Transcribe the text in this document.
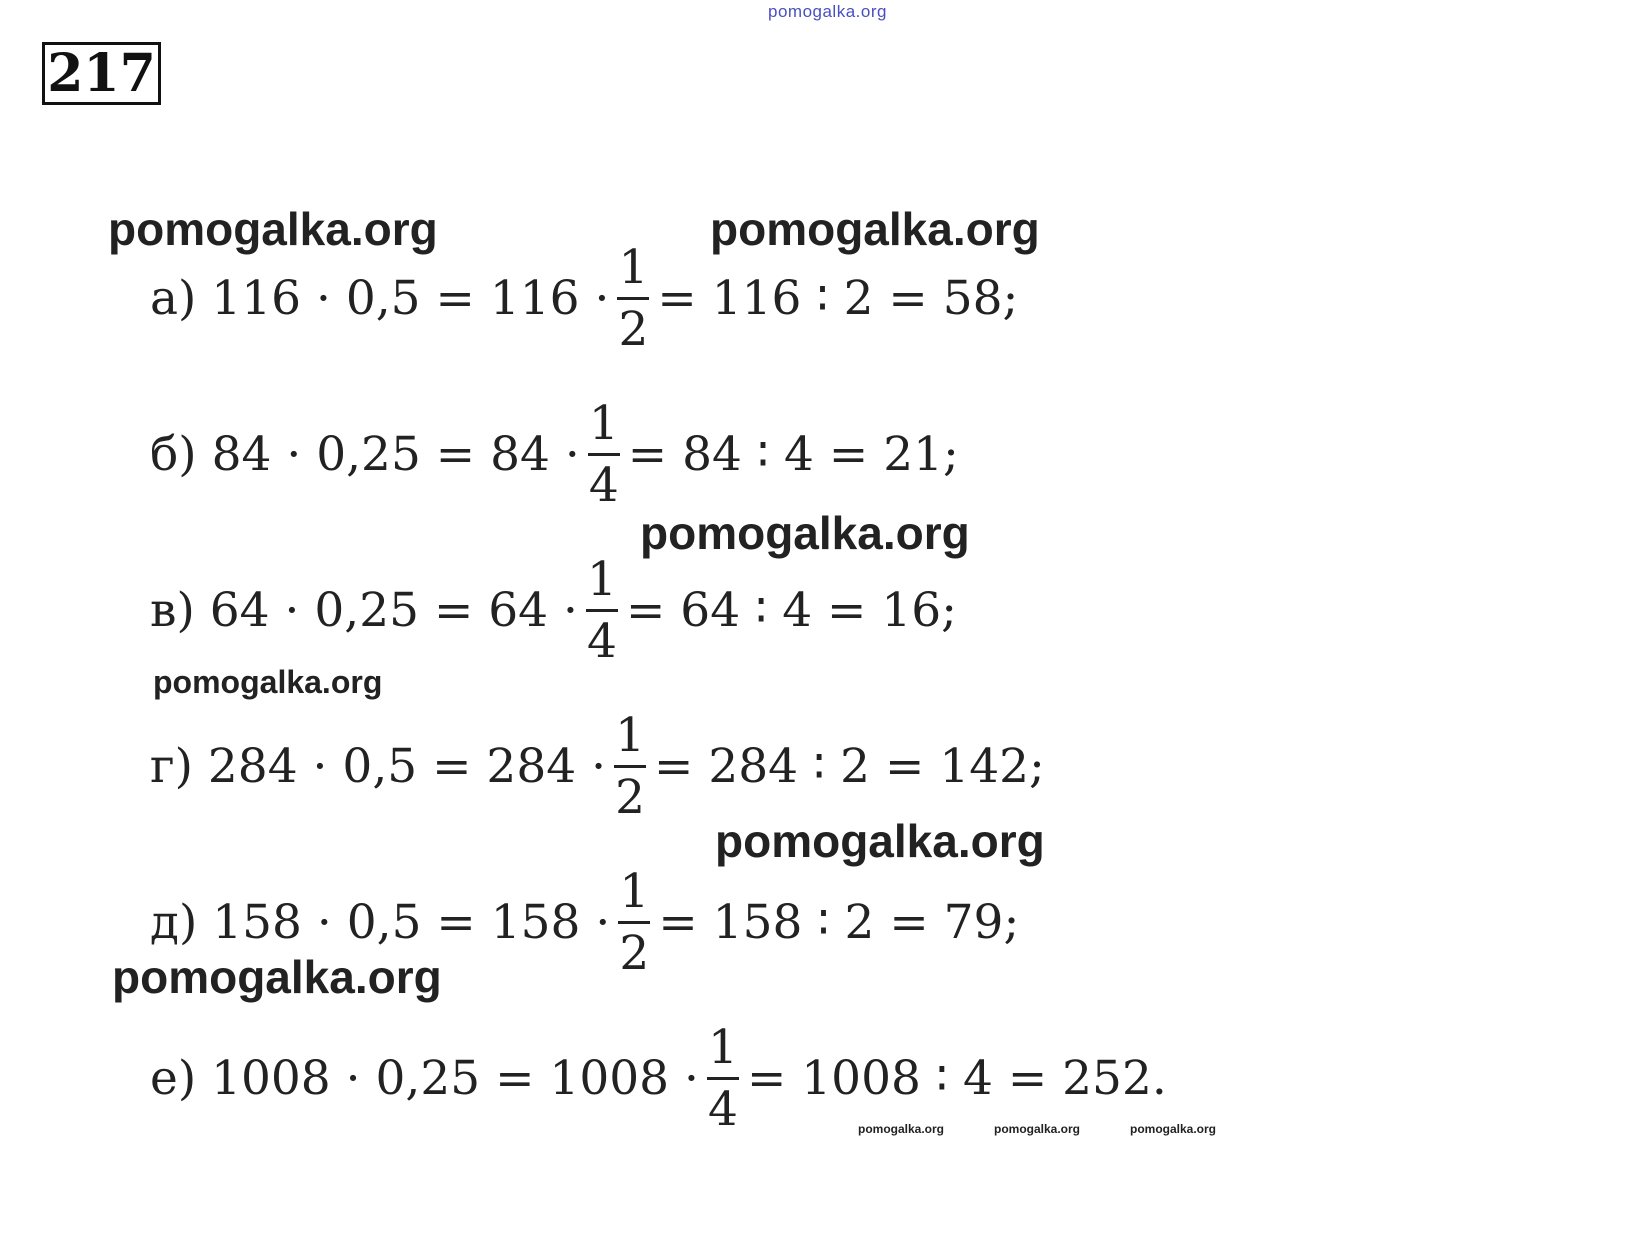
pomogalka.org
217
pomogalka.org	pomogalka.org
pomogalka.org
pomogalka.org
pomogalka.org
pomogalka.org
pomogalka.org	pomogalka.org	pomogalka.org
а) $116 \cdot 0,5 = 116 \cdot \frac{1}{2} = 116$ ∶ 2 = 58;
б) $84 \cdot 0,25 = 84 \cdot \frac{1}{4} = 84$ ∶ 4 = 21;
в) $64 \cdot 0,25 = 64 \cdot \frac{1}{4} = 64$ ∶ 4 = 16;
г) $284 \cdot 0,5 = 284 \cdot \frac{1}{2} = 284$ ∶ 2 = 142;
д) $158 \cdot 0,5 = 158 \cdot \frac{1}{2} = 158$ ∶ 2 = 79;
е) $1008 \cdot 0,25 = 1008 \cdot \frac{1}{4} = 1008$ ∶ 4 = 252.
